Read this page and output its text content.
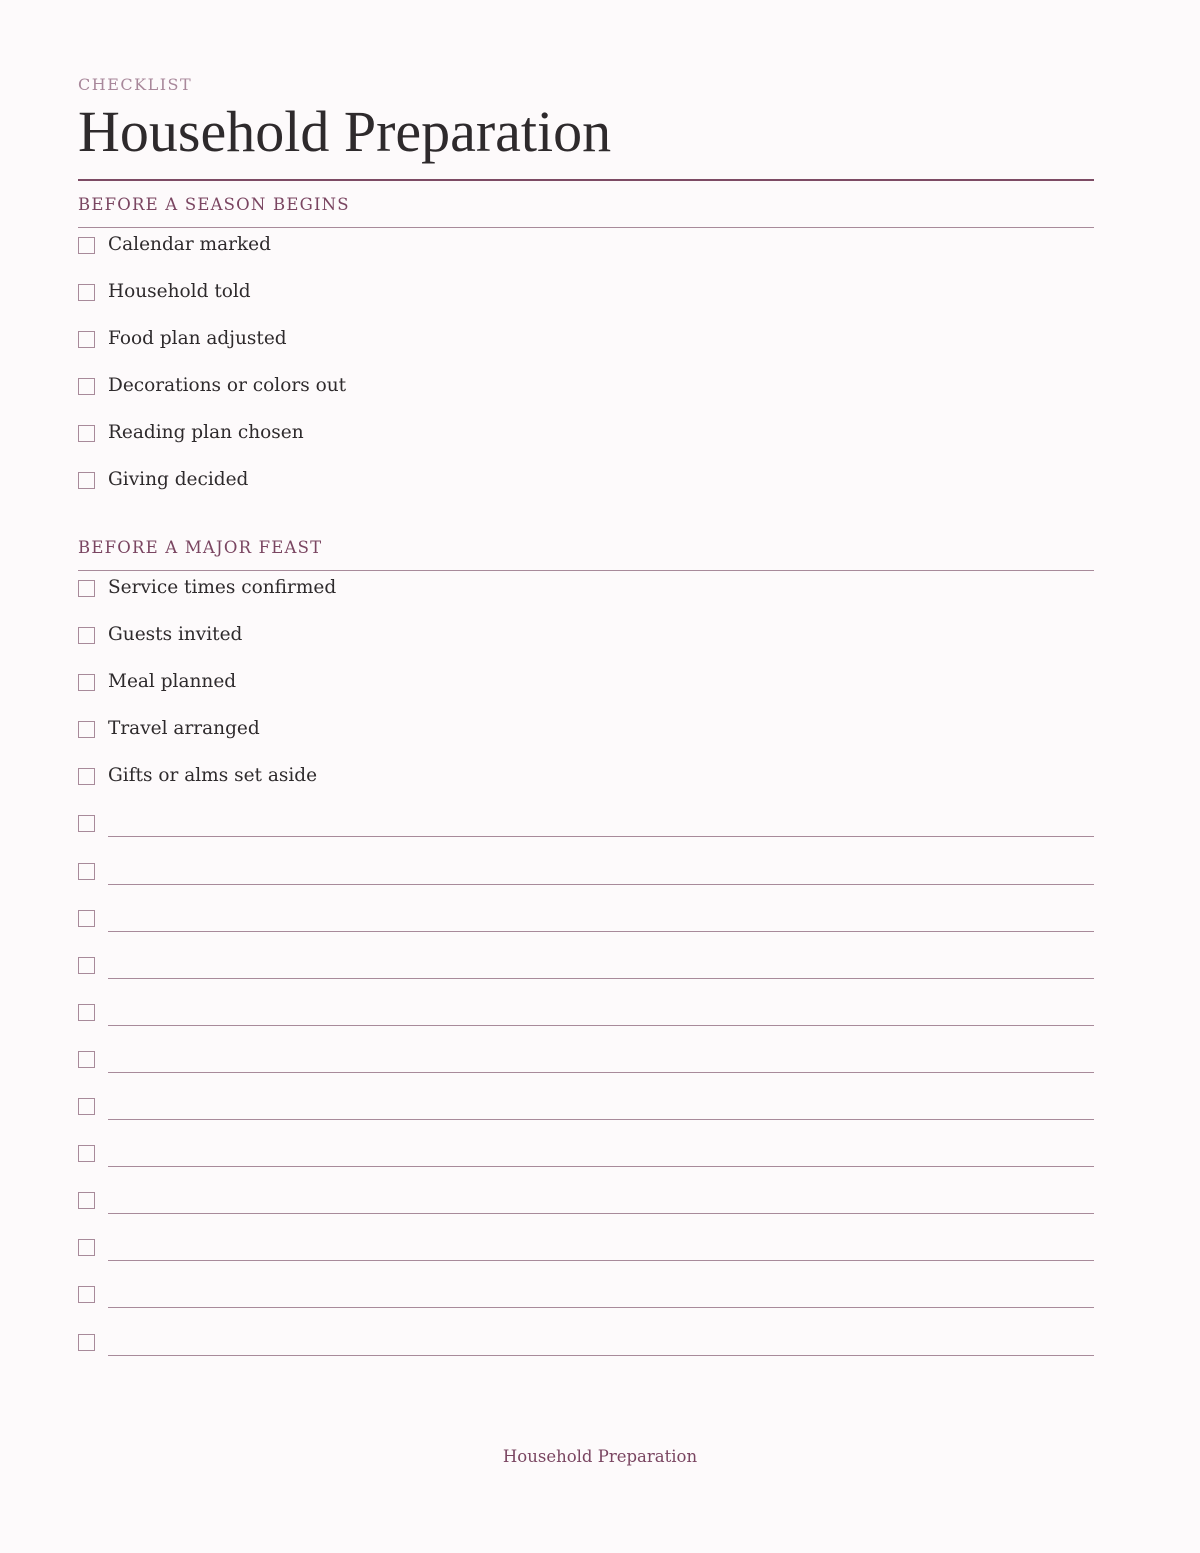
CHECKLIST
Household Preparation
BEFORE A SEASON BEGINS
Calendar marked
Household told
Food plan adjusted
Decorations or colors out
Reading plan chosen
Giving decided
BEFORE A MAJOR FEAST
Service times confirmed
Guests invited
Meal planned
Travel arranged
Gifts or alms set aside
Household Preparation
